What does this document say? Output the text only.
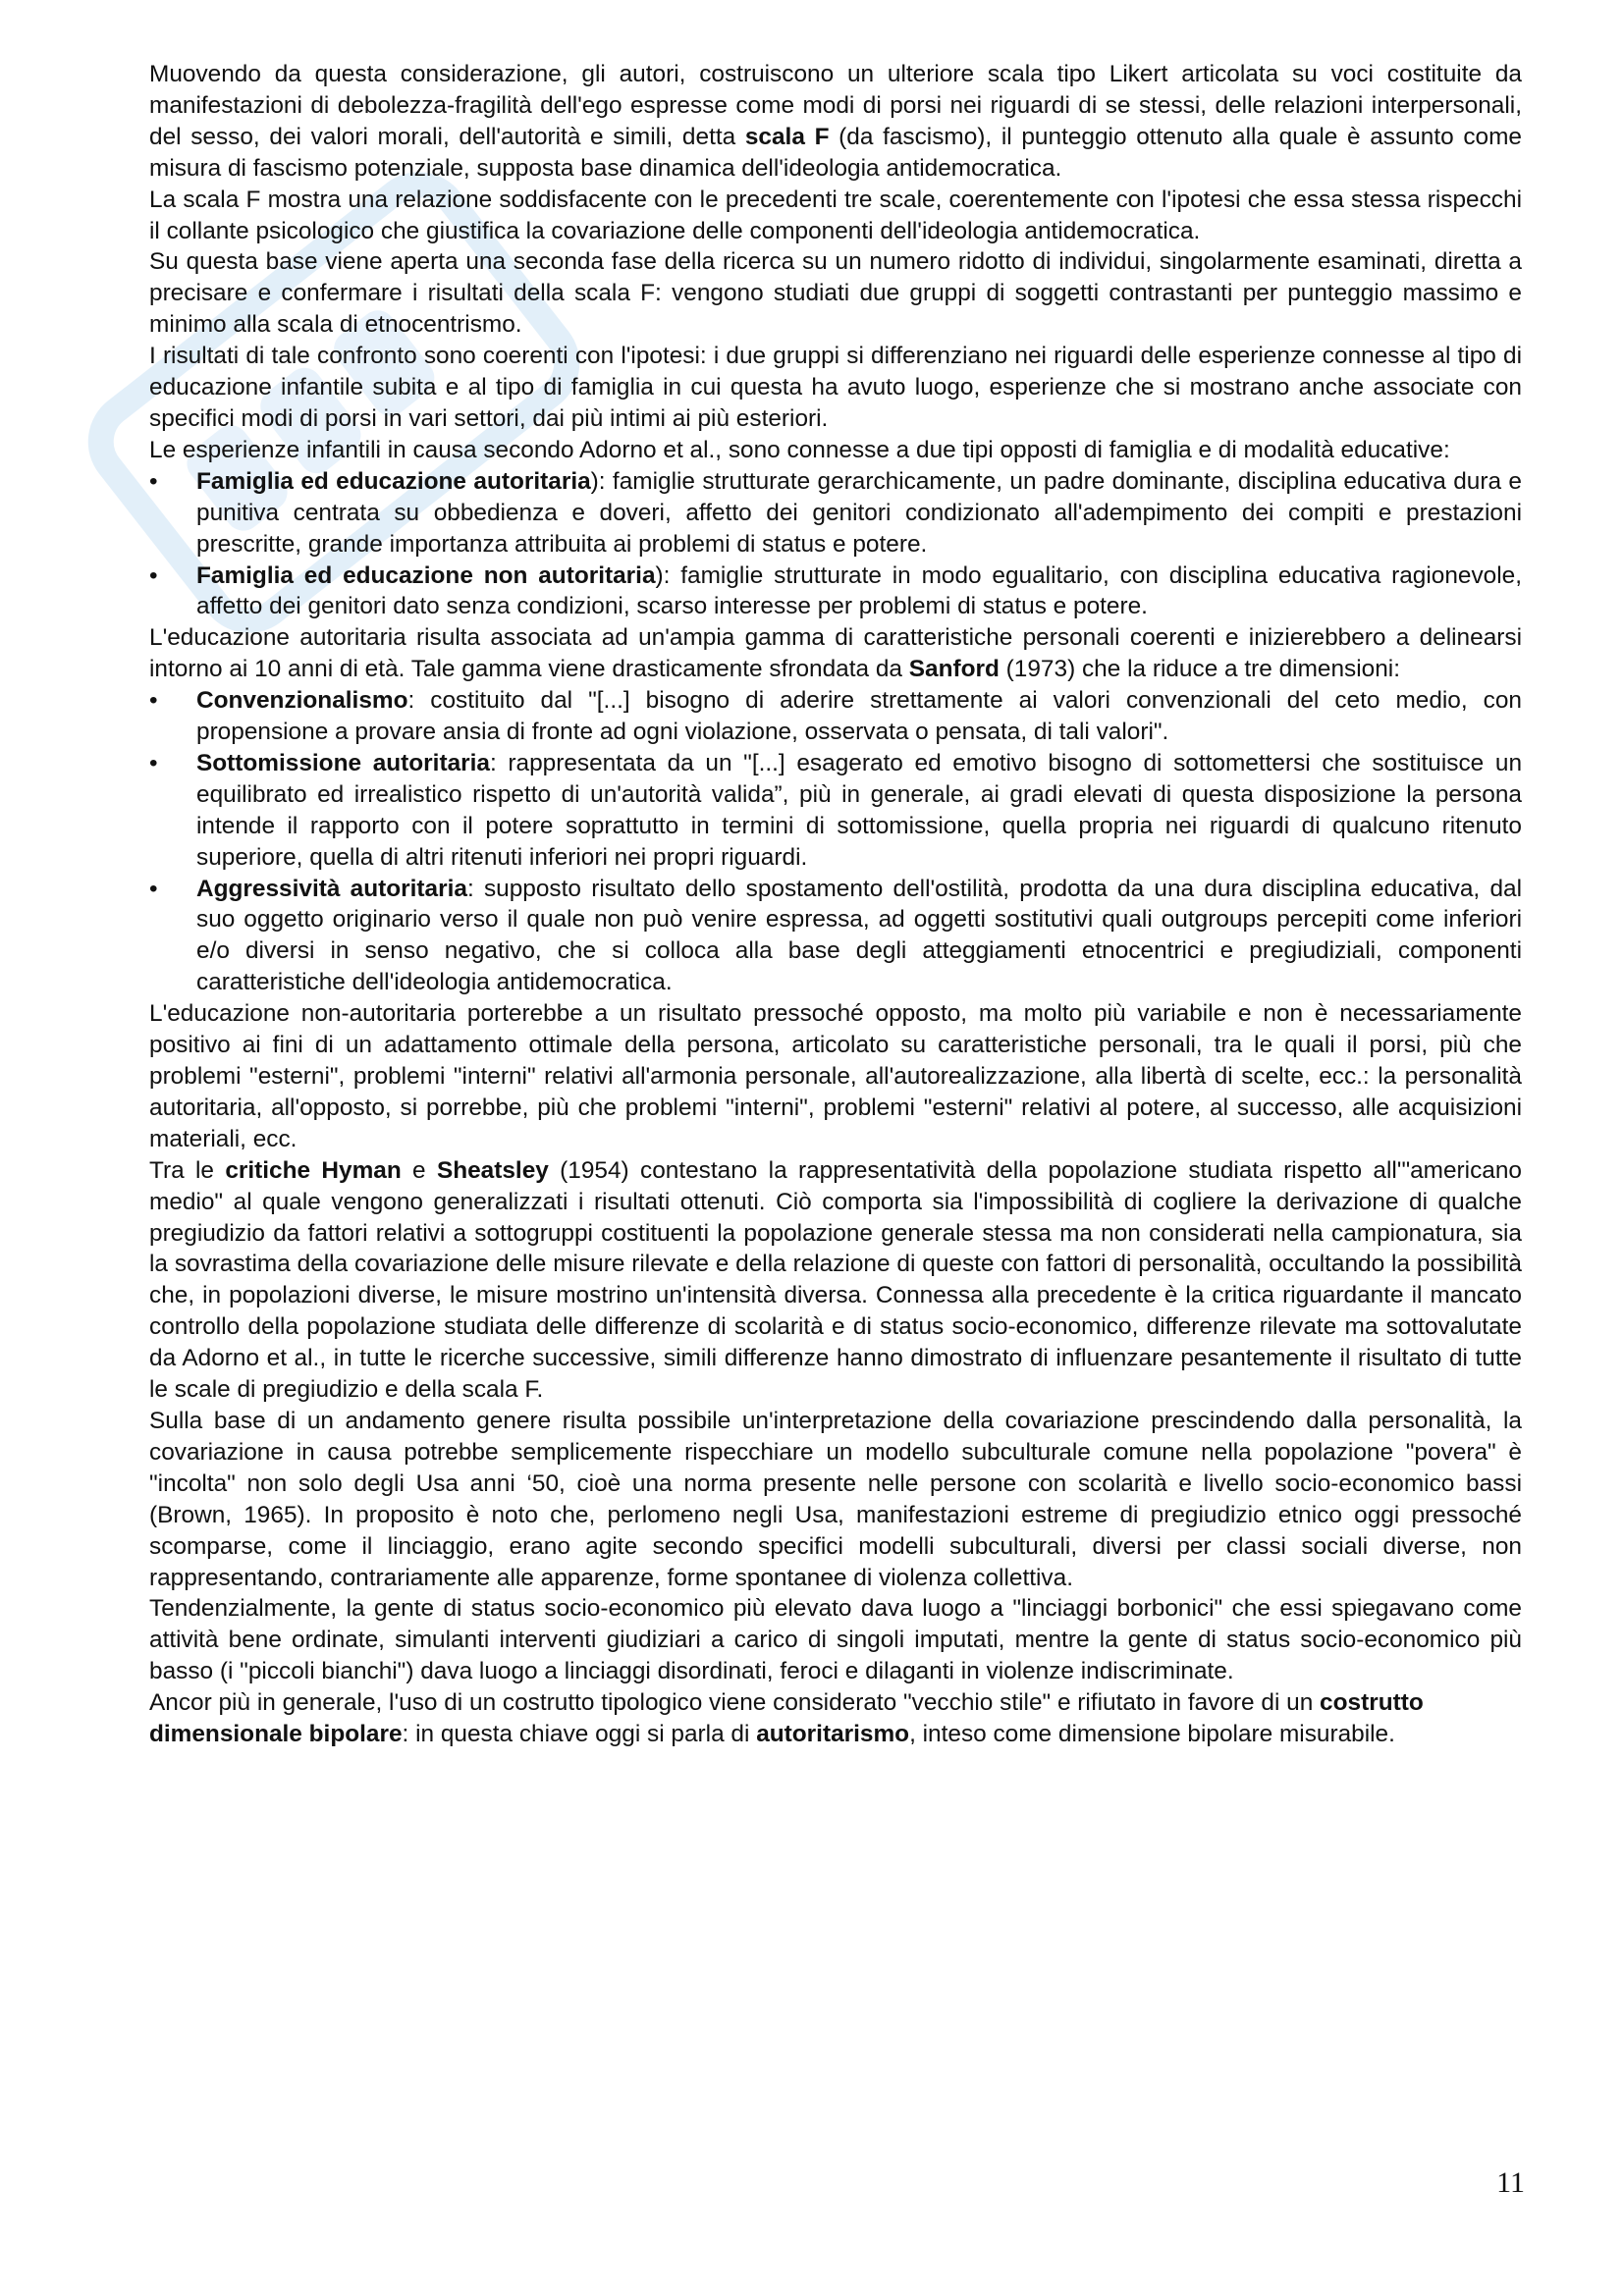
Muovendo da questa considerazione, gli autori, costruiscono un ulteriore scala tipo Likert articolata su voci costituite da manifestazioni di debolezza-fragilità dell'ego espresse come modi di porsi nei riguardi di se stessi, delle relazioni interpersonali, del sesso, dei valori morali, dell'autorità e simili, detta scala F (da fascismo), il punteggio ottenuto alla quale è assunto come misura di fascismo potenziale, supposta base dinamica dell'ideologia antidemocratica.

La scala F mostra una relazione soddisfacente con le precedenti tre scale, coerentemente con l'ipotesi che essa stessa rispecchi il collante psicologico che giustifica la covariazione delle componenti dell'ideologia antidemocratica.

Su questa base viene aperta una seconda fase della ricerca su un numero ridotto di individui, singolarmente esaminati, diretta a precisare e confermare i risultati della scala F: vengono studiati due gruppi di soggetti contrastanti per punteggio massimo e minimo alla scala di etnocentrismo.

I risultati di tale confronto sono coerenti con l'ipotesi: i due gruppi si differenziano nei riguardi delle esperienze connesse al tipo di educazione infantile subita e al tipo di famiglia in cui questa ha avuto luogo, esperienze che si mostrano anche associate con specifici modi di porsi in vari settori, dai più intimi ai più esteriori.

Le esperienze infantili in causa secondo Adorno et al., sono connesse a due tipi opposti di famiglia e di modalità educative:

•	Famiglia ed educazione autoritaria): famiglie strutturate gerarchicamente, un padre dominante, disciplina educativa dura e punitiva centrata su obbedienza e doveri, affetto dei genitori condizionato all'adempimento dei compiti e prestazioni prescritte, grande importanza attribuita ai problemi di status e potere.
•	Famiglia ed educazione non autoritaria): famiglie strutturate in modo egualitario, con disciplina educativa ragionevole, affetto dei genitori dato senza condizioni, scarso interesse per problemi di status e potere.

L'educazione autoritaria risulta associata ad un'ampia gamma di caratteristiche personali coerenti e inizierebbero a delinearsi intorno ai 10 anni di età. Tale gamma viene drasticamente sfrondata da Sanford (1973) che la riduce a tre dimensioni:

•	Convenzionalismo: costituito dal "[...] bisogno di aderire strettamente ai valori convenzionali del ceto medio, con propensione a provare ansia di fronte ad ogni violazione, osservata o pensata, di tali valori".
•	Sottomissione autoritaria: rappresentata da un "[...] esagerato ed emotivo bisogno di sottomettersi che sostituisce un equilibrato ed irrealistico rispetto di un'autorità valida”, più in generale, ai gradi elevati di questa disposizione la persona intende il rapporto con il potere soprattutto in termini di sottomissione, quella propria nei riguardi di qualcuno ritenuto superiore, quella di altri ritenuti inferiori nei propri riguardi.
•	Aggressività autoritaria: supposto risultato dello spostamento dell'ostilità, prodotta da una dura disciplina educativa, dal suo oggetto originario verso il quale non può venire espressa, ad oggetti sostitutivi quali outgroups percepiti come inferiori e/o diversi in senso negativo, che si colloca alla base degli atteggiamenti etnocentrici e pregiudiziali, componenti caratteristiche dell'ideologia antidemocratica.

L'educazione non-autoritaria porterebbe a un risultato pressoché opposto, ma molto più variabile e non è necessariamente positivo ai fini di un adattamento ottimale della persona, articolato su caratteristiche personali, tra le quali il porsi, più che problemi "esterni", problemi "interni" relativi all'armonia personale, all'autorealizzazione, alla libertà di scelte, ecc.: la personalità autoritaria, all'opposto, si porrebbe, più che problemi "interni", problemi "esterni" relativi al potere, al successo, alle acquisizioni materiali, ecc.

Tra le critiche Hyman e Sheatsley (1954) contestano la rappresentatività della popolazione studiata rispetto all'"americano medio" al quale vengono generalizzati i risultati ottenuti. Ciò comporta sia l'impossibilità di cogliere la derivazione di qualche pregiudizio da fattori relativi a sottogruppi costituenti la popolazione generale stessa ma non considerati nella campionatura, sia la sovrastima della covariazione delle misure rilevate e della relazione di queste con fattori di personalità, occultando la possibilità che, in popolazioni diverse, le misure mostrino un'intensità diversa. Connessa alla precedente è la critica riguardante il mancato controllo della popolazione studiata delle differenze di scolarità e di status socio-economico, differenze rilevate ma sottovalutate da Adorno et al., in tutte le ricerche successive, simili differenze hanno dimostrato di influenzare pesantemente il risultato di tutte le scale di pregiudizio e della scala F.

Sulla base di un andamento genere risulta possibile un'interpretazione della covariazione prescindendo dalla personalità, la covariazione in causa potrebbe semplicemente rispecchiare un modello subculturale comune nella popolazione "povera" è "incolta" non solo degli Usa anni ‘50, cioè una norma presente nelle persone con scolarità e livello socio-economico bassi (Brown, 1965). In proposito è noto che, perlomeno negli Usa, manifestazioni estreme di pregiudizio etnico oggi pressoché scomparse, come il linciaggio, erano agite secondo specifici modelli subculturali, diversi per classi sociali diverse, non rappresentando, contrariamente alle apparenze, forme spontanee di violenza collettiva.

Tendenzialmente, la gente di status socio-economico più elevato dava luogo a "linciaggi borbonici" che essi spiegavano come attività bene ordinate, simulanti interventi giudiziari a carico di singoli imputati, mentre la gente di status socio-economico più basso (i "piccoli bianchi") dava luogo a linciaggi disordinati, feroci e dilaganti in violenze indiscriminate.

Ancor più in generale, l'uso di un costrutto tipologico viene considerato "vecchio stile" e rifiutato in favore di un costrutto dimensionale bipolare: in questa chiave oggi si parla di autoritarismo, inteso come dimensione bipolare misurabile.

11
